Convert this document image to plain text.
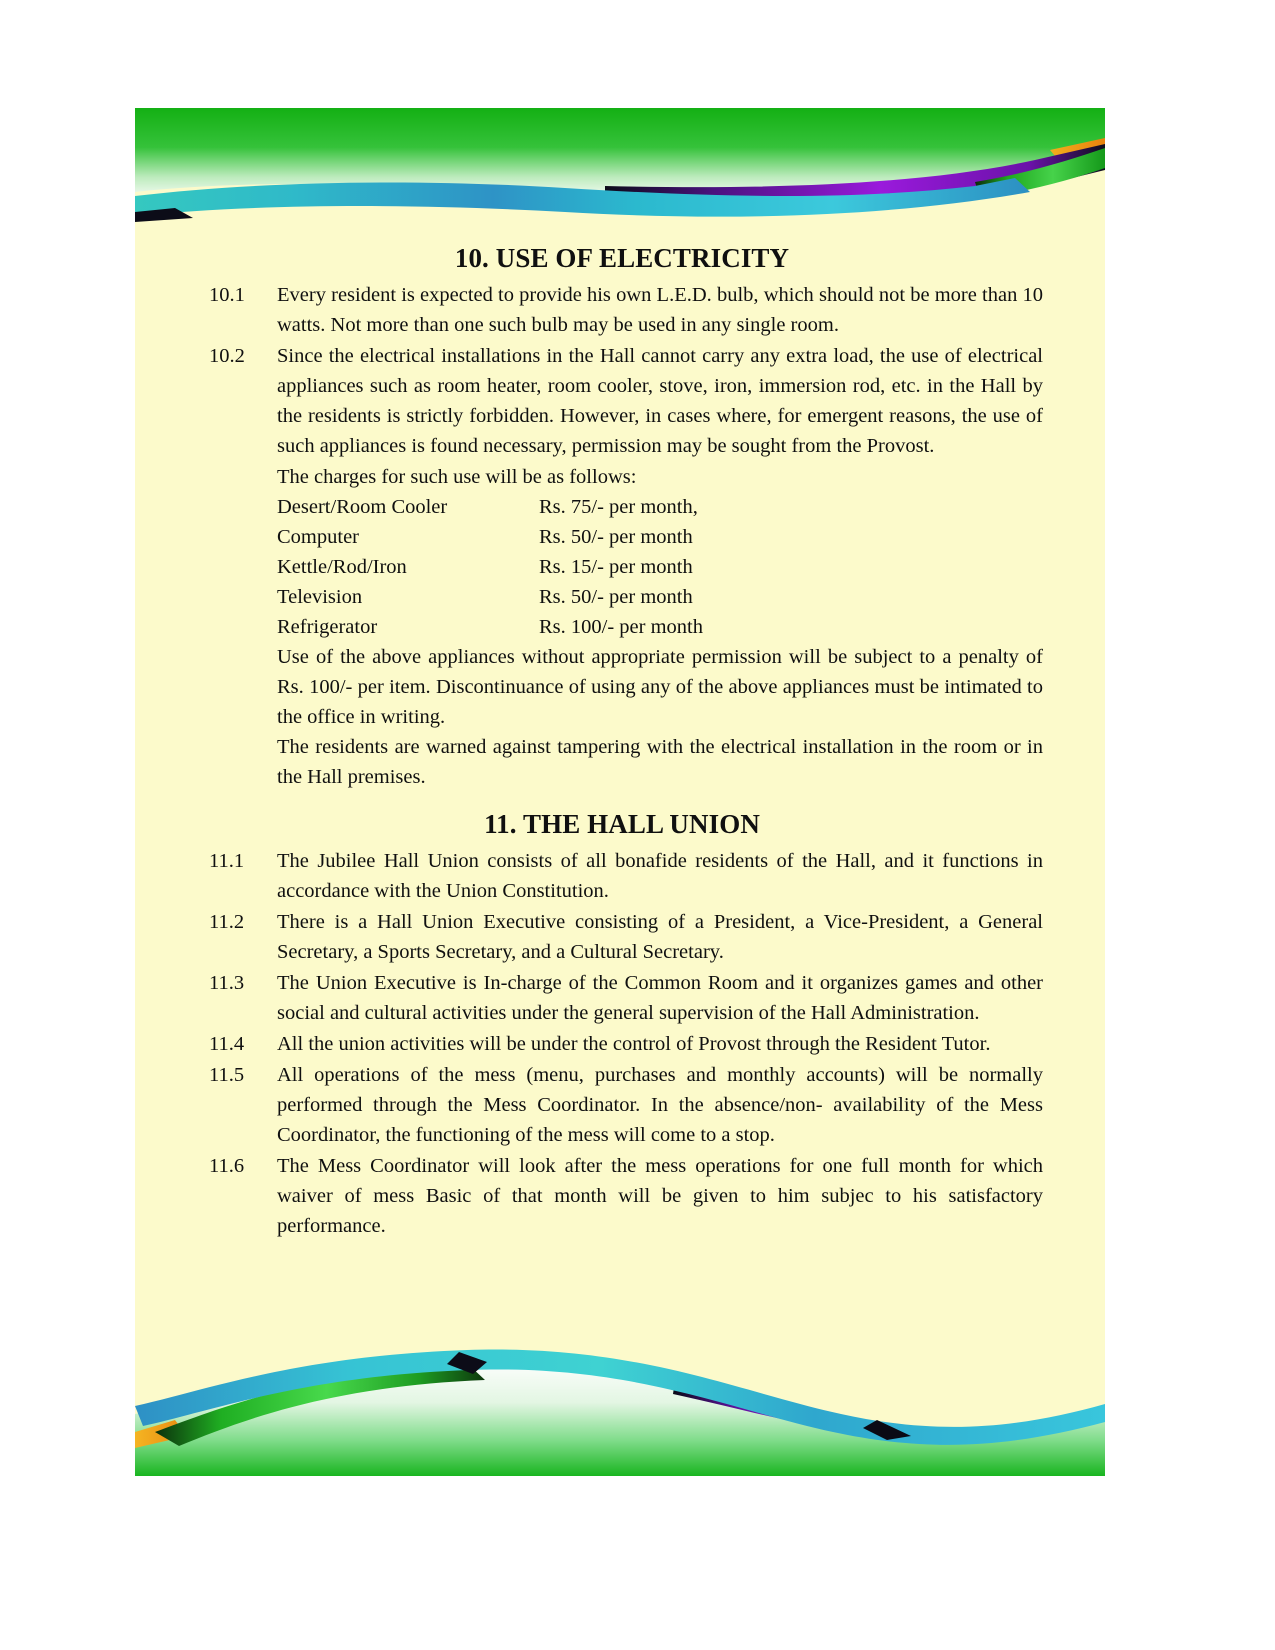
10. USE OF ELECTRICITY
10.1	Every resident is expected to provide his own L.E.D. bulb, which should not be more than 10 watts. Not more than one such bulb may be used in any single room.
10.2	Since the electrical installations in the Hall cannot carry any extra load, the use of electrical appliances such as room heater, room cooler, stove, iron, immersion rod, etc. in the Hall by the residents is strictly forbidden. However, in cases where, for emergent reasons, the use of such appliances is found necessary, permission may be sought from the Provost.
The charges for such use will be as follows:
Desert/Room Cooler	Rs. 75/- per month,
Computer	Rs. 50/- per month
Kettle/Rod/Iron	Rs. 15/- per month
Television	Rs. 50/- per month
Refrigerator	Rs. 100/- per month
Use of the above appliances without appropriate permission will be subject to a penalty of Rs. 100/- per item. Discontinuance of using any of the above appliances must be intimated to the office in writing.
The residents are warned against tampering with the electrical installation in the room or in the Hall premises.
11. THE HALL UNION
11.1	The Jubilee Hall Union consists of all bonafide residents of the Hall, and it functions in accordance with the Union Constitution.
11.2	There is a Hall Union Executive consisting of a President, a Vice-President, a General Secretary, a Sports Secretary, and a Cultural Secretary.
11.3	The Union Executive is In-charge of the Common Room and it organizes games and other social and cultural activities under the general supervision of the Hall Administration.
11.4	All the union activities will be under the control of Provost through the Resident Tutor.
11.5	All operations of the mess (menu, purchases and monthly accounts) will be normally performed through the Mess Coordinator. In the absence/non- availability of the Mess Coordinator, the functioning of the mess will come to a stop.
11.6	The Mess Coordinator will look after the mess operations for one full month for which waiver of mess Basic of that month will be given to him subjec to his satisfactory performance.
